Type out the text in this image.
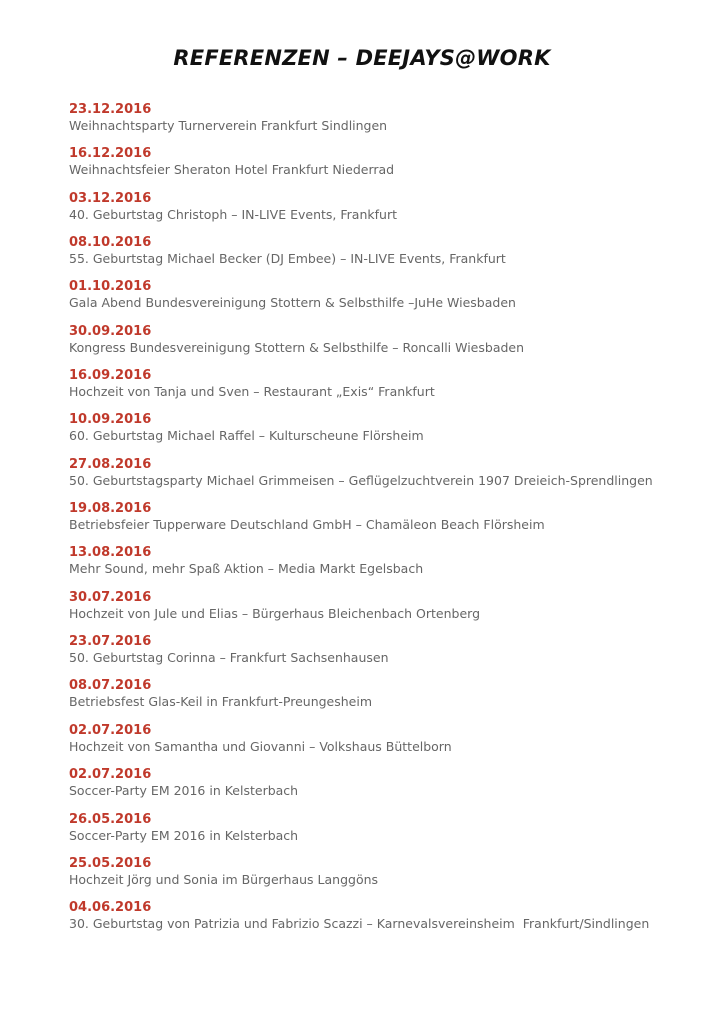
REFERENZEN – DEEJAYS@WORK
23.12.2016
Weihnachtsparty Turnerverein Frankfurt Sindlingen
16.12.2016
Weihnachtsfeier Sheraton Hotel Frankfurt Niederrad
03.12.2016
40. Geburtstag Christoph – IN-LIVE Events, Frankfurt
08.10.2016
55. Geburtstag Michael Becker (DJ Embee) – IN-LIVE Events, Frankfurt
01.10.2016
Gala Abend Bundesvereinigung Stottern & Selbsthilfe –JuHe Wiesbaden
30.09.2016
Kongress Bundesvereinigung Stottern & Selbsthilfe – Roncalli Wiesbaden
16.09.2016
Hochzeit von Tanja und Sven – Restaurant „Exis“ Frankfurt
10.09.2016
60. Geburtstag Michael Raffel – Kulturscheune Flörsheim
27.08.2016
50. Geburtstagsparty Michael Grimmeisen – Geflügelzuchtverein 1907 Dreieich-Sprendlingen
19.08.2016
Betriebsfeier Tupperware Deutschland GmbH – Chamäleon Beach Flörsheim
13.08.2016
Mehr Sound, mehr Spaß Aktion – Media Markt Egelsbach
30.07.2016
Hochzeit von Jule und Elias – Bürgerhaus Bleichenbach Ortenberg
23.07.2016
50. Geburtstag Corinna – Frankfurt Sachsenhausen
08.07.2016
Betriebsfest Glas-Keil in Frankfurt-Preungesheim
02.07.2016
Hochzeit von Samantha und Giovanni – Volkshaus Büttelborn
02.07.2016
Soccer-Party EM 2016 in Kelsterbach
26.05.2016
Soccer-Party EM 2016 in Kelsterbach
25.05.2016
Hochzeit Jörg und Sonia im Bürgerhaus Langgöns
04.06.2016
30. Geburtstag von Patrizia und Fabrizio Scazzi – Karnevalsvereinsheim  Frankfurt/Sindlingen
